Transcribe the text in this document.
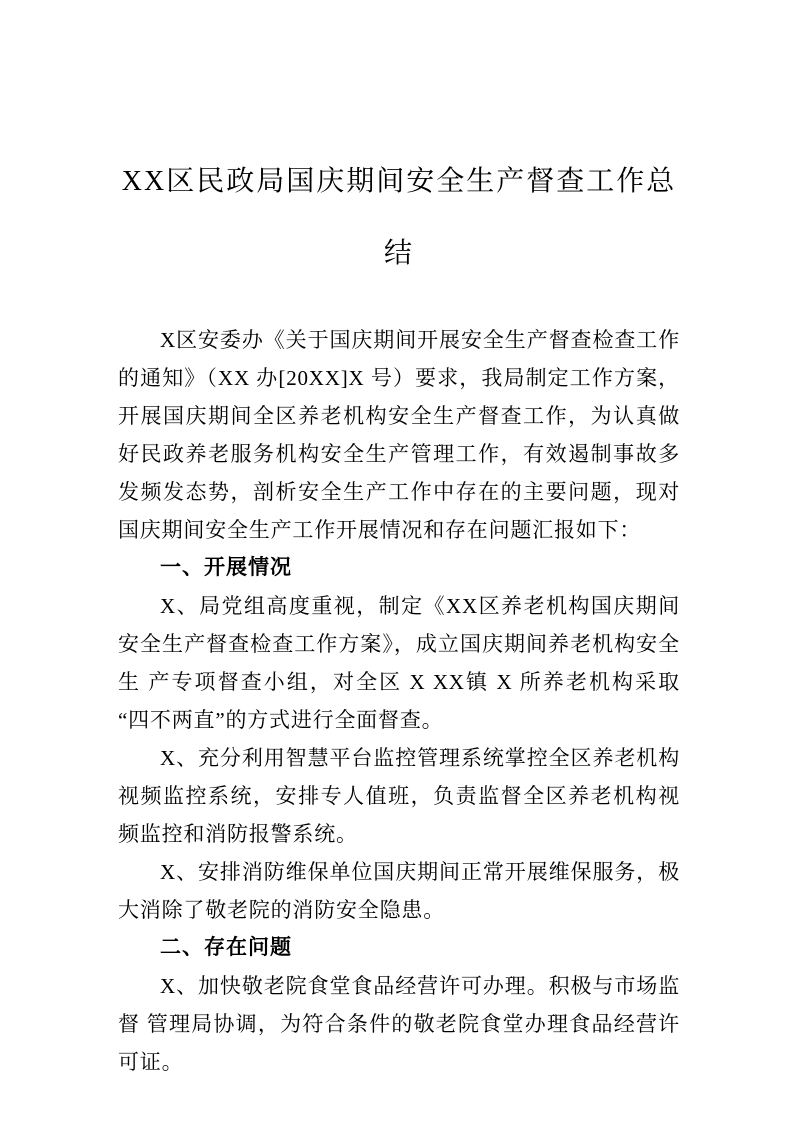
XX区民政局国庆期间安全生产督查工作总
结

X区安委办《关于国庆期间开展安全生产督查检查工作的通知》（XX 办[20XX]X 号）要求，我局制定工作方案， 开展国庆期间全区养老机构安全生产督查工作，为认真做好民政养老服务机构安全生产管理工作，有效遏制事故多发频发态势，剖析安全生产工作中存在的主要问题，现对国庆期间安全生产工作开展情况和存在问题汇报如下：

一、开展情况

X、局党组高度重视，制定《XX区养老机构国庆期间安全生产督查检查工作方案》，成立国庆期间养老机构安全生 产专项督查小组，对全区 X XX镇 X 所养老机构采取“四不两直”的方式进行全面督查。

X、充分利用智慧平台监控管理系统掌控全区养老机构视频监控系统，安排专人值班，负责监督全区养老机构视频监控和消防报警系统。

X、安排消防维保单位国庆期间正常开展维保服务，极大消除了敬老院的消防安全隐患。

二、存在问题

X、加快敬老院食堂食品经营许可办理。积极与市场监督 管理局协调，为符合条件的敬老院食堂办理食品经营许可证。
